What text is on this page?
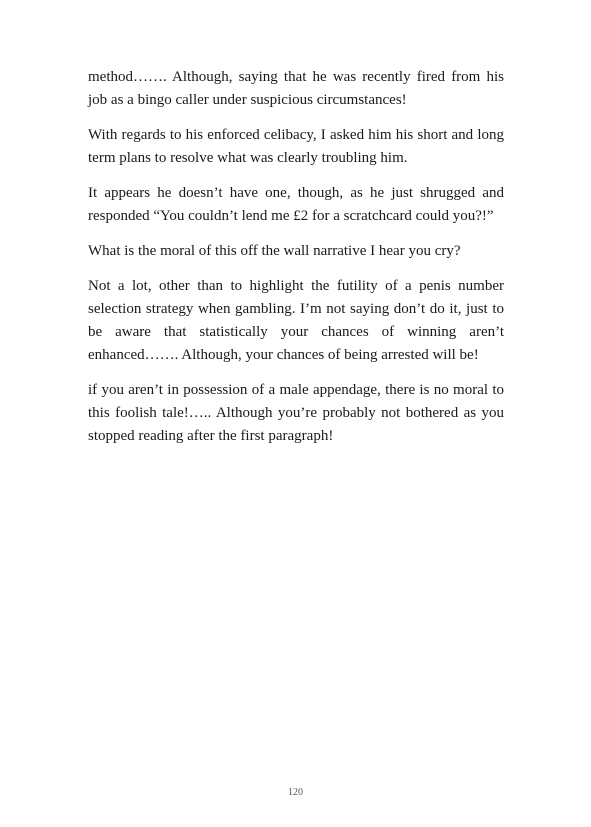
method……. Although, saying that he was recently fired from his job as a bingo caller under suspicious circumstances!

With regards to his enforced celibacy, I asked him his short and long term plans to resolve what was clearly troubling him.

It appears he doesn’t have one, though, as he just shrugged and responded “You couldn’t lend me £2 for a scratchcard could you?!”

What is the moral of this off the wall narrative I hear you cry?

Not a lot, other than to highlight the futility of a penis number selection strategy when gambling. I’m not saying don’t do it, just to be aware that statistically your chances of winning aren’t enhanced……. Although, your chances of being arrested will be!

if you aren’t in possession of a male appendage, there is no moral to this foolish tale!….. Although you’re probably not bothered as you stopped reading after the first paragraph!

120
